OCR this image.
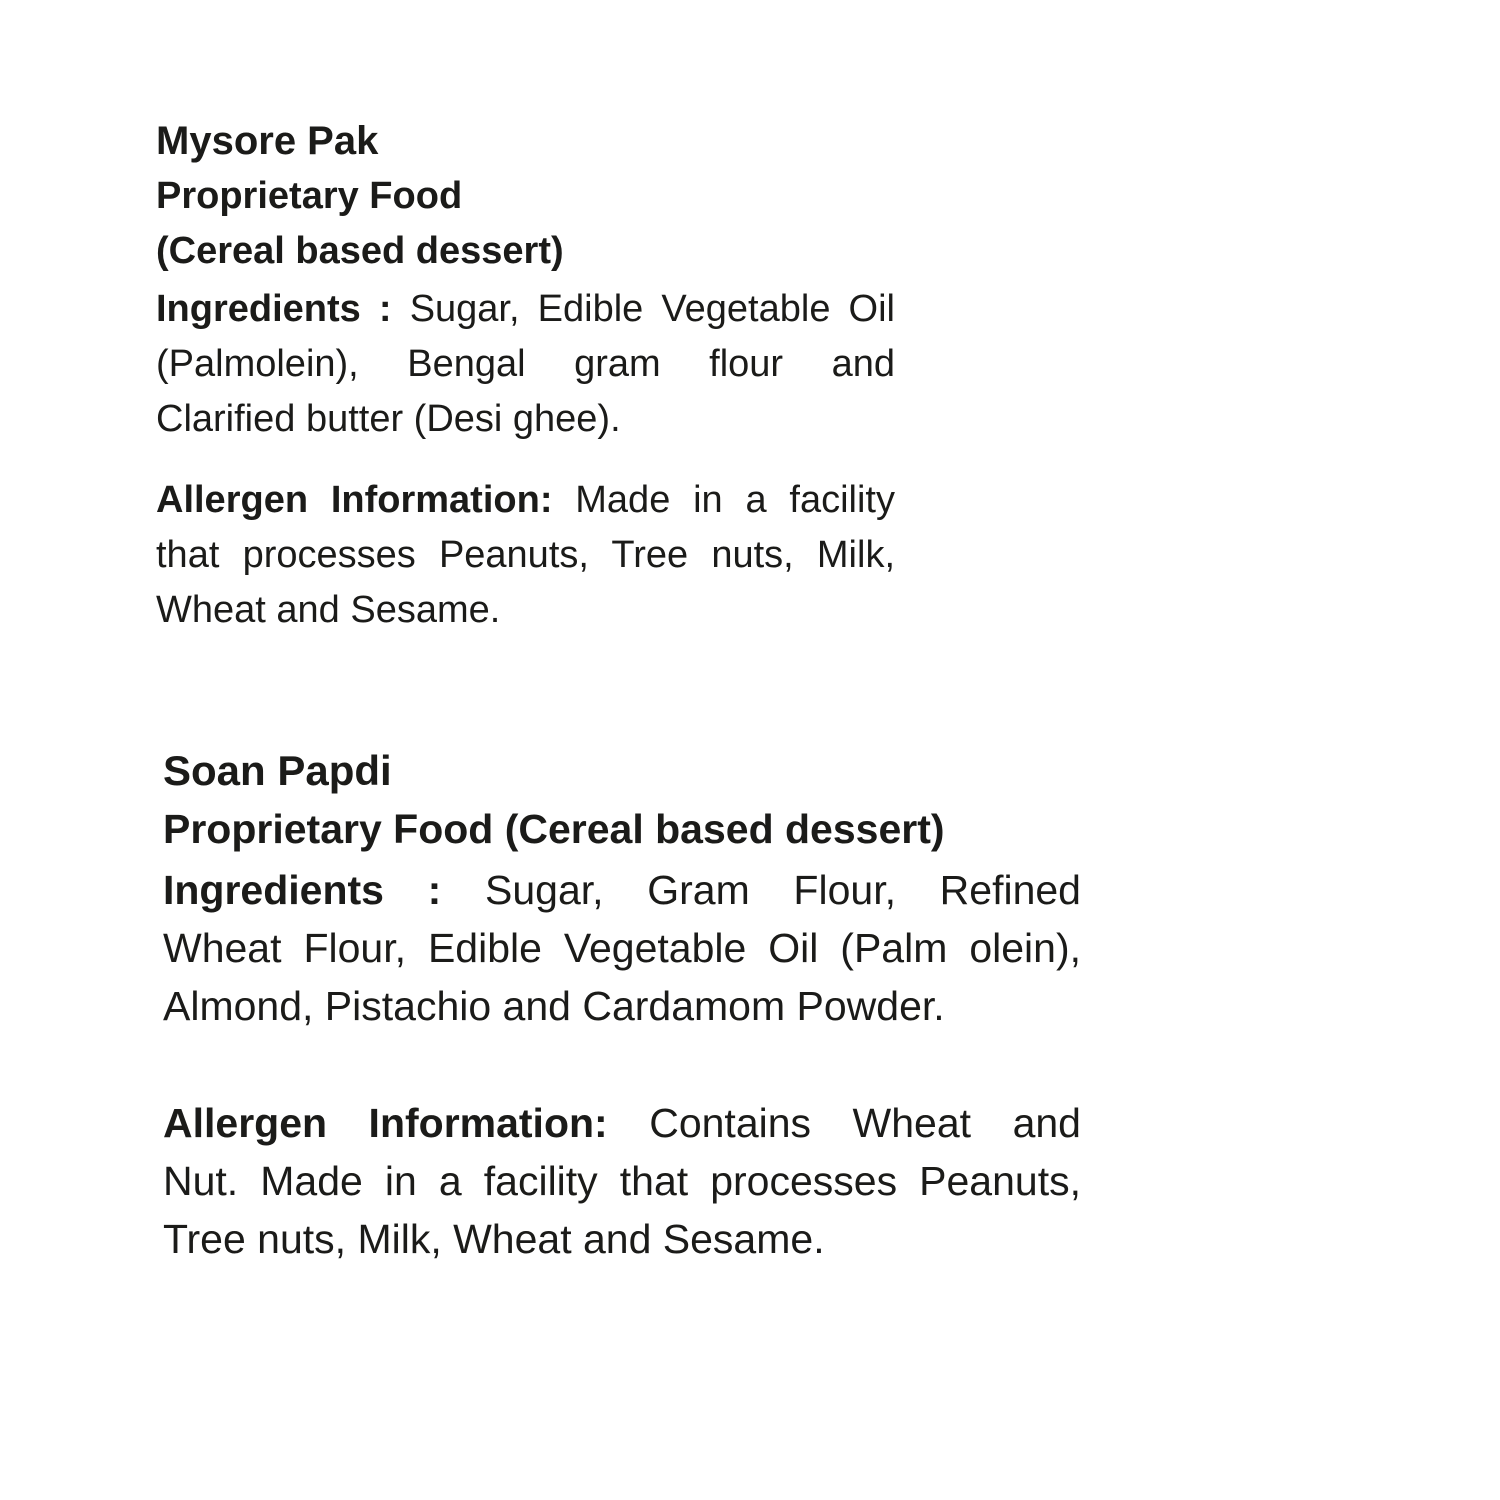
Mysore Pak
Proprietary Food
(Cereal based dessert)
Ingredients : Sugar, Edible Vegetable Oil
(Palmolein), Bengal gram flour and
Clarified butter (Desi ghee).
Allergen Information: Made in a facility
that processes Peanuts, Tree nuts, Milk,
Wheat and Sesame.
Soan Papdi
Proprietary Food (Cereal based dessert)
Ingredients : Sugar, Gram Flour, Refined
Wheat Flour, Edible Vegetable Oil (Palm olein),
Almond, Pistachio and Cardamom Powder.
Allergen Information: Contains Wheat and
Nut. Made in a facility that processes Peanuts,
Tree nuts, Milk, Wheat and Sesame.
